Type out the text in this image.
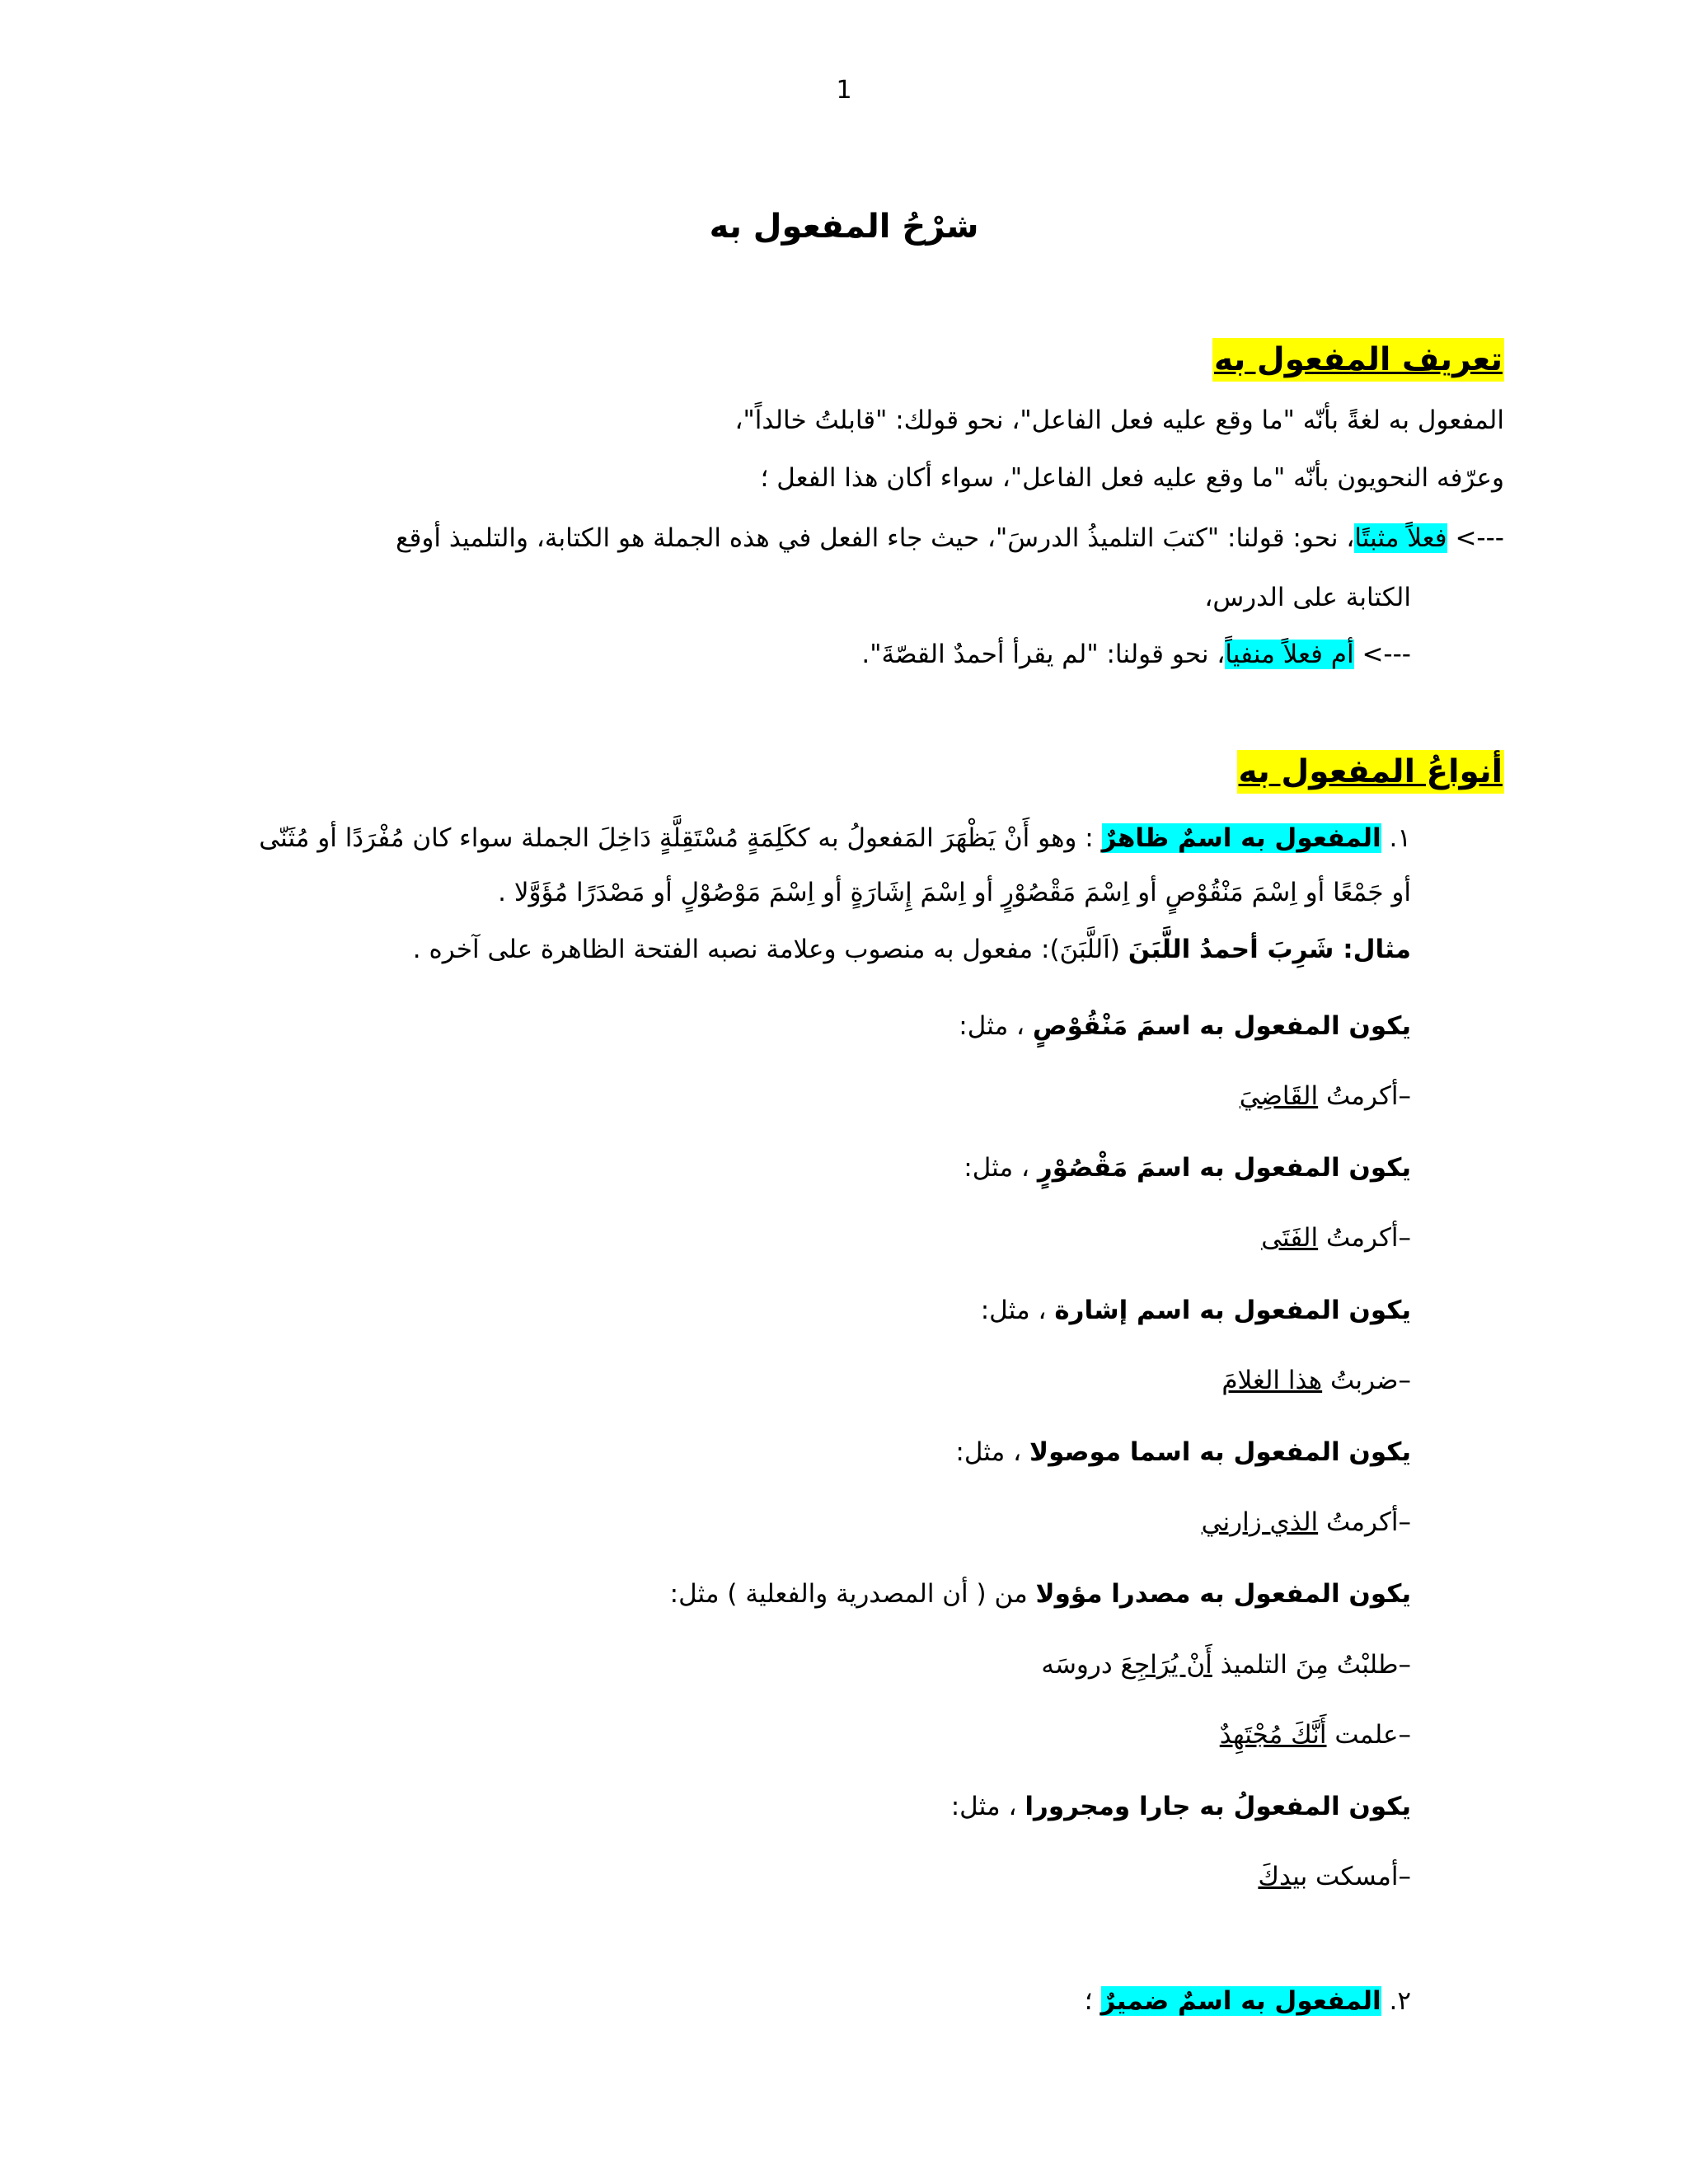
1
شرْحُ المفعول به
تعريف المفعول به
المفعول به لغةً بأنّه "ما وقع عليه فعل الفاعل"، نحو قولك: "قابلتُ خالداً"،
وعرّفه النحويون بأنّه "ما وقع عليه فعل الفاعل"، سواء أكان هذا الفعل ؛
---> فعلاً مثبتًا، نحو: قولنا: "كتبَ التلميذُ الدرسَ"، حيث جاء الفعل في هذه الجملة هو الكتابة، والتلميذ أوقع
الكتابة على الدرس،
---> أم فعلاً منفياً، نحو قولنا: "لم يقرأ أحمدٌ القصّةَ".
أنواعُ المفعول به
١. المفعول به اسمٌ ظاهرٌ : وهو أَنْ يَظْهَرَ المَفعولُ به ككَلِمَةٍ مُسْتَقِلَّةٍ دَاخِلَ الجملة سواء كان مُفْرَدًا أو مُثَنّى
أو جَمْعًا أو اِسْمَ مَنْقُوْصٍ أو اِسْمَ مَقْصُوْرٍ أو اِسْمَ إِشَارَةٍ أو اِسْمَ مَوْصُوْلٍ أو مَصْدَرًا مُؤَوَّلا .
مثال: شَرِبَ أحمدُ اللَّبَنَ (اَللَّبَنَ): مفعول به منصوب وعلامة نصبه الفتحة الظاهرة على آخره .
يكون المفعول به اسمَ مَنْقُوْصٍ ، مثل:
–أكرمتُ القَاضِيَ
يكون المفعول به اسمَ مَقْصُوْرٍ ، مثل:
–أكرمتُ الفَتَى
يكون المفعول به اسم إشارة ، مثل:
–ضربتُ هذا الغلامَ
يكون المفعول به اسما موصولا ، مثل:
–أكرمتُ الذي زارني
يكون المفعول به مصدرا مؤولا من ( أن المصدرية والفعلية ) مثل:
–طلبْتُ مِنَ التلميذ أَنْ يُرَاجِعَ دروسَه
–علمت أَنَّكَ مُجْتَهِدٌ
يكون المفعولُ به جارا ومجرورا ، مثل:
–أمسكت بيدكَ
٢. المفعول به اسمٌ ضميرٌ ؛
